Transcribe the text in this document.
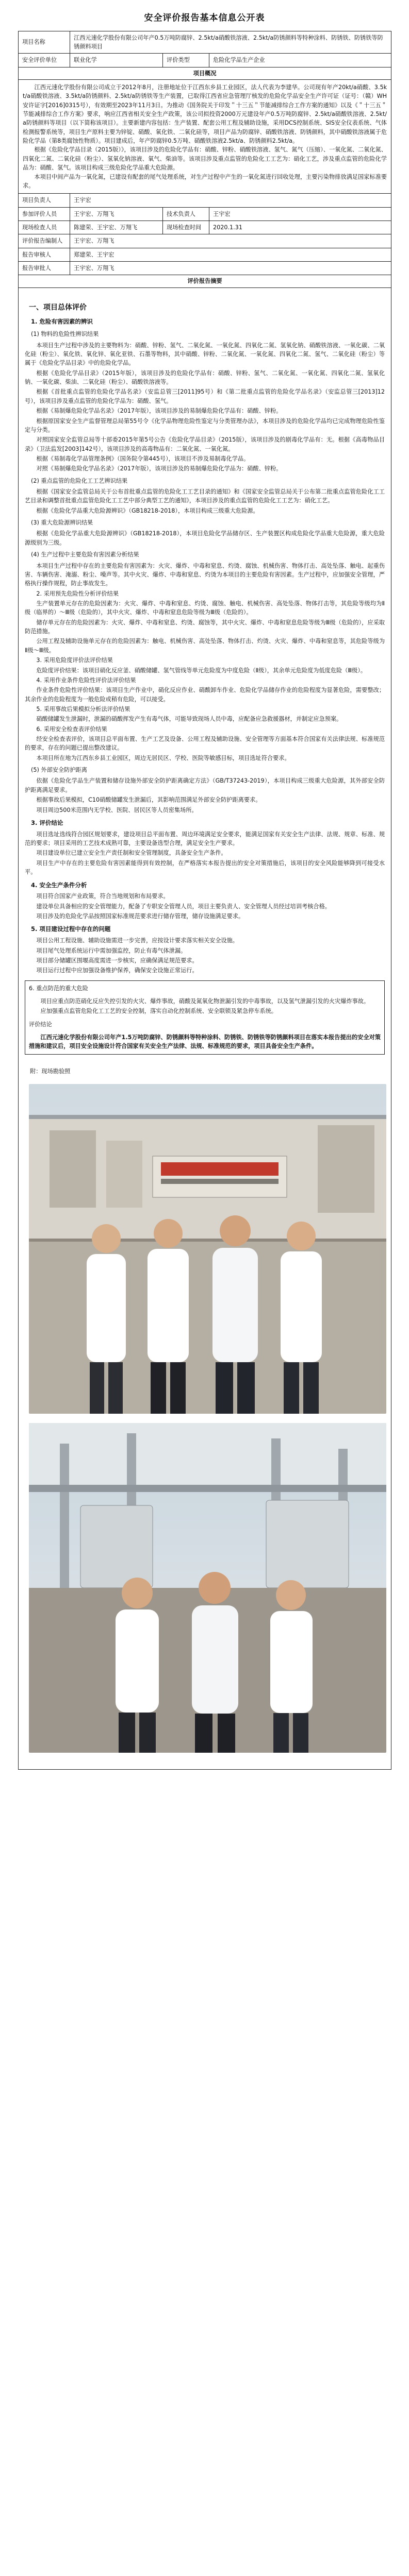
安全评价报告基本信息公开表
项目名称	江西元速化学股份有限公司年产0.5万吨防腐锌、2.5kt/a硝酸铁溶液、2.5kt/a防锈颜料等特种涂料、防锈铁、防锈铁等防锈颜料项目
安全评价单位	联业化学	评价类型	危险化学品生产企业
项目概况

江西元速化学股份有限公司成立于2012年8月，注册地址位于江西东乡县工业园区，法人代表为李建华。公司现有年产20kt/a硝酸、3.5kt/a硝酸铁溶液、3.5kt/a防锈颜料、2.5kt/a防锈铁等生产装置，已取得江西省应急管理厅核发的危险化学品安全生产许可证（证号：（赣）WH安许证字[2016]0315号），有效期至2023年11月3日。为推动《国务院关于印发＂十三五＂节能减排综合工作方案的通知》以及《＂十三五＂节能减排综合工作方案》要求，响应江西省相关安全生产政策，该公司拟投资2000万元建设年产0.5万吨防腐锌、2.5kt/a硝酸铁溶液、2.5kt/a防锈颜料等项目（以下简称该项目）。主要新建内容包括：生产装置、配套公用工程及辅助设施，采用DCS控制系统、SIS安全仪表系统、气体检测报警系统等，项目生产原料主要为锌锭、硝酸、氧化铁、二氧化硅等，项目产品为防腐锌、硝酸铁溶液、防锈颜料，其中硝酸铁溶液属于危险化学品（第8类腐蚀性物质）。项目建成后，年产防腐锌0.5万吨、硝酸铁溶液2.5kt/a、防锈颜料2.5kt/a。

根据《危险化学品目录（2015版）》，该项目涉及的危险化学品有：硝酸、锌粉、硝酸铁溶液、氢气、氮气（压缩）、一氧化氮、二氧化氮、四氧化二氮、二氧化硅（粉尘）、氢氧化钠溶液、氧气、柴油等。该项目涉及重点监管的危险化工工艺为：硝化工艺，涉及重点监管的危险化学品为：硝酸、氢气。该项目构成三级危险化学品重大危险源。

本项目中间产品为一氧化氮，已建设有配套的尾气处理系统，对生产过程中产生的一氧化氮进行回收处理，主要污染物排放满足国家标准要求。

项目负责人	王宇宏
参加评价人员	王宇宏、万翔飞	技术负责人	王宇宏
现场检查人员	陈建荣、王宇宏、万翔飞	现场检查时间	2020.1.31
评价报告编制人	王宇宏、万翔飞
报告审核人	郑建荣、王宇宏
报告审批人	王宇宏、万翔飞
评价报告摘要

一、项目总体评价
1. 危险有害因素的辨识
(1) 物料的危险性辨识结果

本项目生产过程中涉及的主要物料为：硝酸、锌粉、氢气、二氧化氮、一氧化氮、四氧化二氮、氢氧化钠、硝酸铁溶液、一氧化碳、二氧化硅（粉尘）、氧化铁、氧化锌、氧化亚铁、石墨等物料，其中硝酸、锌粉、二氧化氮、一氧化氮、四氧化二氮、氢气、二氧化硅（粉尘）等属于《危险化学品目录》中的危险化学品。

根据《危险化学品目录》（2015年版），该项目涉及的危险化学品有：硝酸、锌粉、氢气、二氧化氮、一氧化氮、四氧化二氮、氢氧化钠、一氧化碳、柴油、二氧化硅（粉尘）、硝酸铁溶液等。

根据《首批重点监管的危险化学品名录》（安监总管三[2011]95号）和《第二批重点监管的危险化学品名录》（安监总管三[2013]12号），该项目涉及重点监管的危险化学品为：硝酸、氢气。

根据《易制爆危险化学品名录》（2017年版），该项目涉及的易制爆危险化学品有：硝酸、锌粉。

根据原国家安全生产监督管理总局第55号令《化学品物理危险性鉴定与分类管理办法》，本项目涉及的危险化学品均已完成物理危险性鉴定与分类。

对照国家安全监管总局等十部委2015年第5号公告《危险化学品目录》（2015版），该项目涉及的剧毒化学品有：无。根据《高毒物品目录》（卫法监发[2003]142号），该项目涉及的高毒物品有：二氧化氮、一氧化氮。

根据《易制毒化学品管理条例》（国务院令第445号），该项目不涉及易制毒化学品。

对照《易制爆危险化学品名录》（2017年版），该项目涉及的易制爆危险化学品为：硝酸、锌粉。

(2) 重点监管的危险化工工艺辨识结果

根据《国家安全监管总局关于公布首批重点监管的危险化工工艺目录的通知》和《国家安全监管总局关于公布第二批重点监管危险化工工艺目录和调整首批重点监管危险化工工艺中部分典型工艺的通知》，本项目涉及的重点监管的危险化工工艺为：硝化工艺。

根据《危险化学品重大危险源辨识》（GB18218-2018），本项目构成三级重大危险源。

(3) 重大危险源辨识结果

根据《危险化学品重大危险源辨识》（GB18218-2018），本项目危险化学品储存区、生产装置区构成危险化学品重大危险源，重大危险源级别为三级。

(4) 生产过程中主要危险有害因素分析结果

本项目生产过程中存在的主要危险有害因素为：火灾、爆炸、中毒和窒息、灼烫、腐蚀、机械伤害、物体打击、高处坠落、触电、起重伤害、车辆伤害、淹溺、粉尘、噪声等。其中火灾、爆炸、中毒和窒息、灼烫为本项目的主要危险有害因素。生产过程中，应加强安全管理，严格执行操作规程，防止事故发生。

2. 采用预先危险性分析评价结果

生产装置单元存在的危险因素为：火灾、爆炸、中毒和窒息、灼烫、腐蚀、触电、机械伤害、高处坠落、物体打击等，其危险等级均为Ⅱ级（临界的）～Ⅲ级（危险的），其中火灾、爆炸、中毒和窒息危险等级为Ⅲ级（危险的）。

储存单元存在的危险因素为：火灾、爆炸、中毒和窒息、灼烫、腐蚀等，其中火灾、爆炸、中毒和窒息危险等级为Ⅲ级（危险的），应采取防范措施。

公用工程及辅助设施单元存在的危险因素为：触电、机械伤害、高处坠落、物体打击、灼烫、火灾、爆炸、中毒和窒息等，其危险等级为Ⅱ级～Ⅲ级。

3. 采用危险度评价法评价结果

危险度评价结果：该项目硝化反应釜、硝酸储罐、氢气管线等单元危险度为中度危险（Ⅱ级），其余单元危险度为低度危险（Ⅲ级）。

4. 采用作业条件危险性评价法评价结果

作业条件危险性评价结果：该项目生产作业中，硝化反应作业、硝酸卸车作业、危险化学品储存作业的危险程度为显著危险，需要整改；其余作业的危险程度为一般危险或稍有危险，可以接受。

5. 采用事故后果模拟分析法评价结果

硝酸储罐发生泄漏时，泄漏的硝酸挥发产生有毒气体，可能导致现场人员中毒，应配备应急救援器材，并制定应急预案。

6. 采用安全检查表评价结果

经安全检查表评价，该项目总平面布置、生产工艺及设备、公用工程及辅助设施、安全管理等方面基本符合国家有关法律法规、标准规范的要求，存在的问题已提出整改建议。

本项目所在地为江西东乡县工业园区，周边无居民区、学校、医院等敏感目标，项目选址符合要求。

(5) 外部安全防护距离

依据《危险化学品生产装置和储存设施外部安全防护距离确定方法》（GB/T37243-2019），本项目构成三级重大危险源，其外部安全防护距离满足要求。

根据事故后果模拟，C10硝酸储罐发生泄漏后，其影响范围满足外部安全防护距离要求。

项目周边500米范围内无学校、医院、居民区等人员密集场所。

3. 评价结论

项目选址选线符合园区规划要求，建设项目总平面布置、周边环境满足安全要求，能满足国家有关安全生产法律、法规、规章、标准、规范的要求；项目采用的工艺技术成熟可靠，主要设备选型合理，满足安全生产要求。

项目建设单位已建立安全生产责任制和安全管理制度，具备安全生产条件。

项目生产中存在的主要危险有害因素能得到有效控制，在严格落实本报告提出的安全对策措施后，该项目的安全风险能够降到可接受水平。

4. 安全生产条件分析

项目符合国家产业政策，符合当地规划和布局要求。

建设单位具备相应的安全管理能力，配备了专职安全管理人员，项目主要负责人、安全管理人员经过培训考核合格。

项目涉及的危险化学品按照国家标准规范要求进行储存管理，储存设施满足要求。

5. 项目建设过程中存在的问题

项目公用工程设施、辅助设施需进一步完善，应按设计要求落实相关安全设施。

项目尾气处理系统运行中需加强监控，防止有毒气体泄漏。

项目部分储罐区围堰高度需进一步核实，应确保满足规范要求。

项目运行过程中应加强设备维护保养，确保安全设施正常运行。

6. 重点防范的重大危险

项目应重点防范硝化反应失控引发的火灾、爆炸事故，硝酸及氮氧化物泄漏引发的中毒事故，以及氢气泄漏引发的火灾爆炸事故。

应加强重点监管危险化工工艺的安全控制，落实自动化控制系统、安全联锁及紧急停车系统。

评价结论

江西元速化学股份有限公司年产1.5万吨防腐锌、防锈颜料等特种涂料、防锈铁、防锈铁等防锈颜料项目在落实本报告提出的安全对策措施和建议后，项目安全设施设计符合国家有关安全生产法律、法规、标准规范的要求，项目具备安全生产条件。

附：现场勘验照
